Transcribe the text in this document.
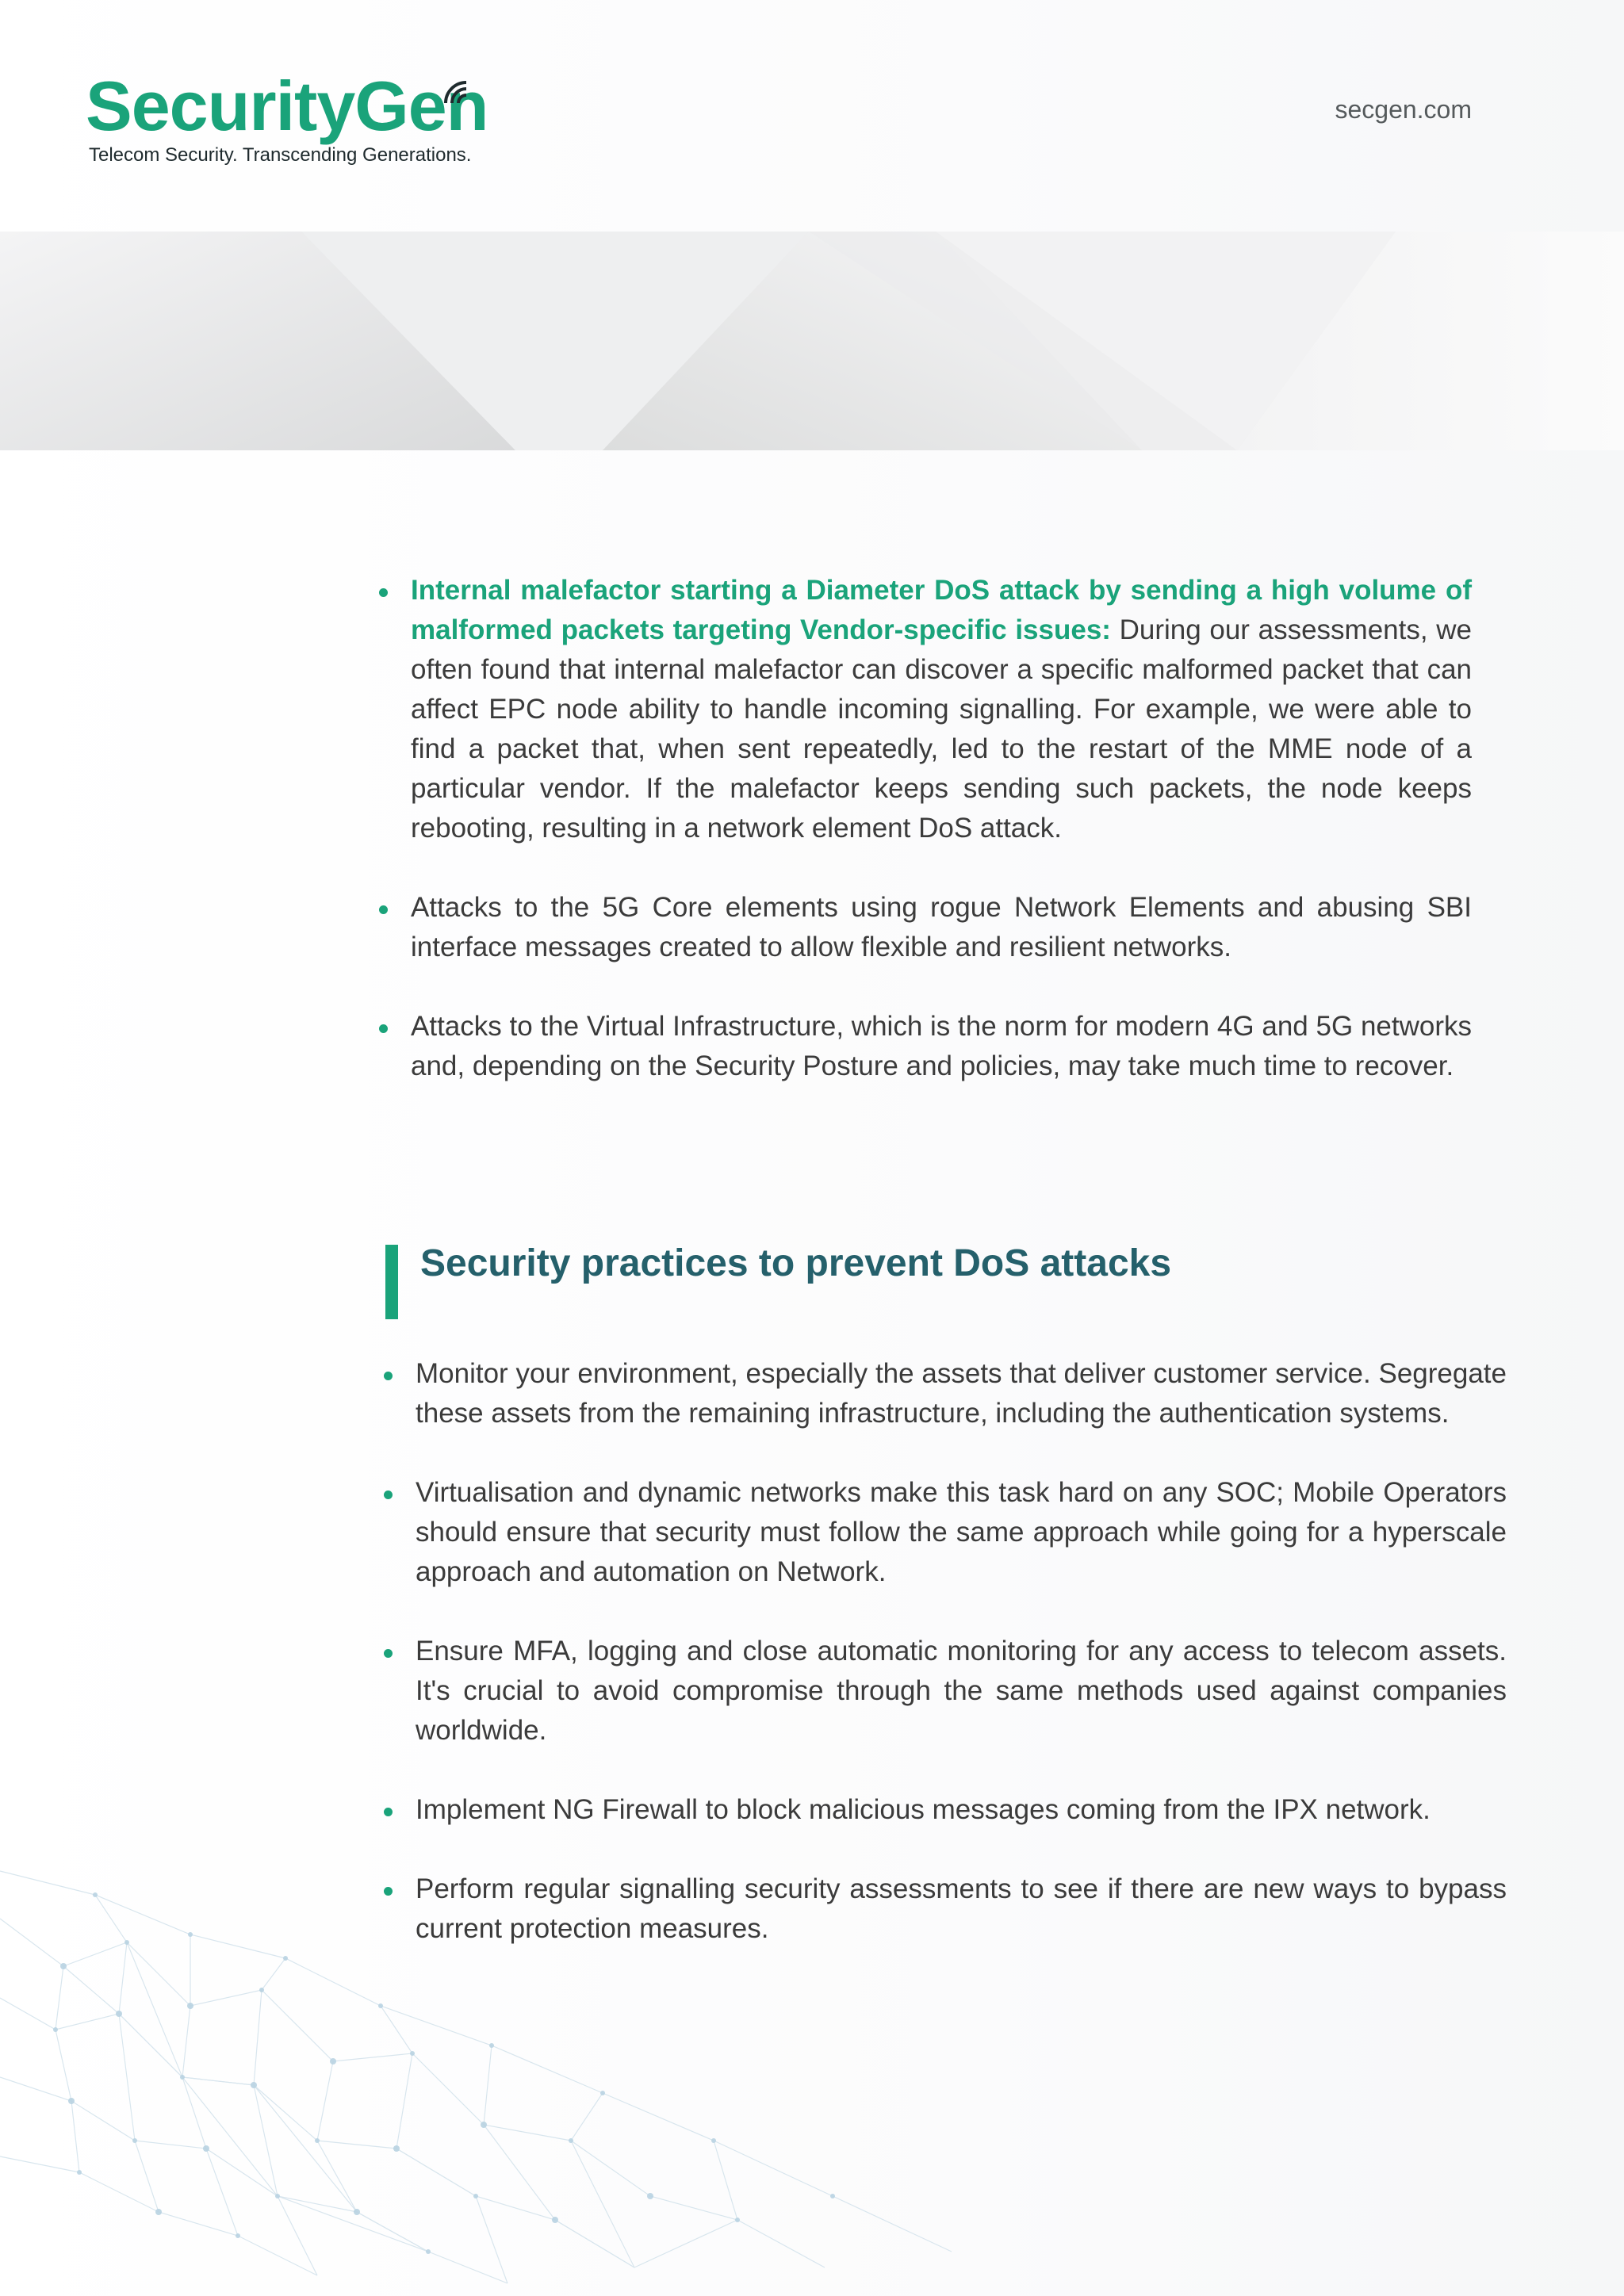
SecurityGen
Telecom Security. Transcending Generations.
secgen.com
Internal malefactor starting a Diameter DoS attack by sending a high volume of malformed packets targeting Vendor-specific issues: During our assessments, we often found that internal malefactor can discover a specific malformed packet that can affect EPC node ability to handle incoming signalling. For example, we were able to find a packet that, when sent repeatedly, led to the restart of the MME node of a particular vendor. If the malefactor keeps sending such packets, the node keeps rebooting, resulting in a network element DoS attack.
Attacks to the 5G Core elements using rogue Network Elements and abusing SBI interface messages created to allow flexible and resilient networks.
Attacks to the Virtual Infrastructure, which is the norm for modern 4G and 5G networks and, depending on the Security Posture and policies, may take much time to recover.
Security practices to prevent DoS attacks
Monitor your environment, especially the assets that deliver customer service. Segregate these assets from the remaining infrastructure, including the authentication systems.
Virtualisation and dynamic networks make this task hard on any SOC; Mobile Operators should ensure that security must follow the same approach while going for a hyperscale approach and automation on Network.
Ensure MFA, logging and close automatic monitoring for any access to telecom assets. It's crucial to avoid compromise through the same methods used against companies worldwide.
Implement NG Firewall to block malicious messages coming from the IPX network.
Perform regular signalling security assessments to see if there are new ways to bypass current protection measures.
